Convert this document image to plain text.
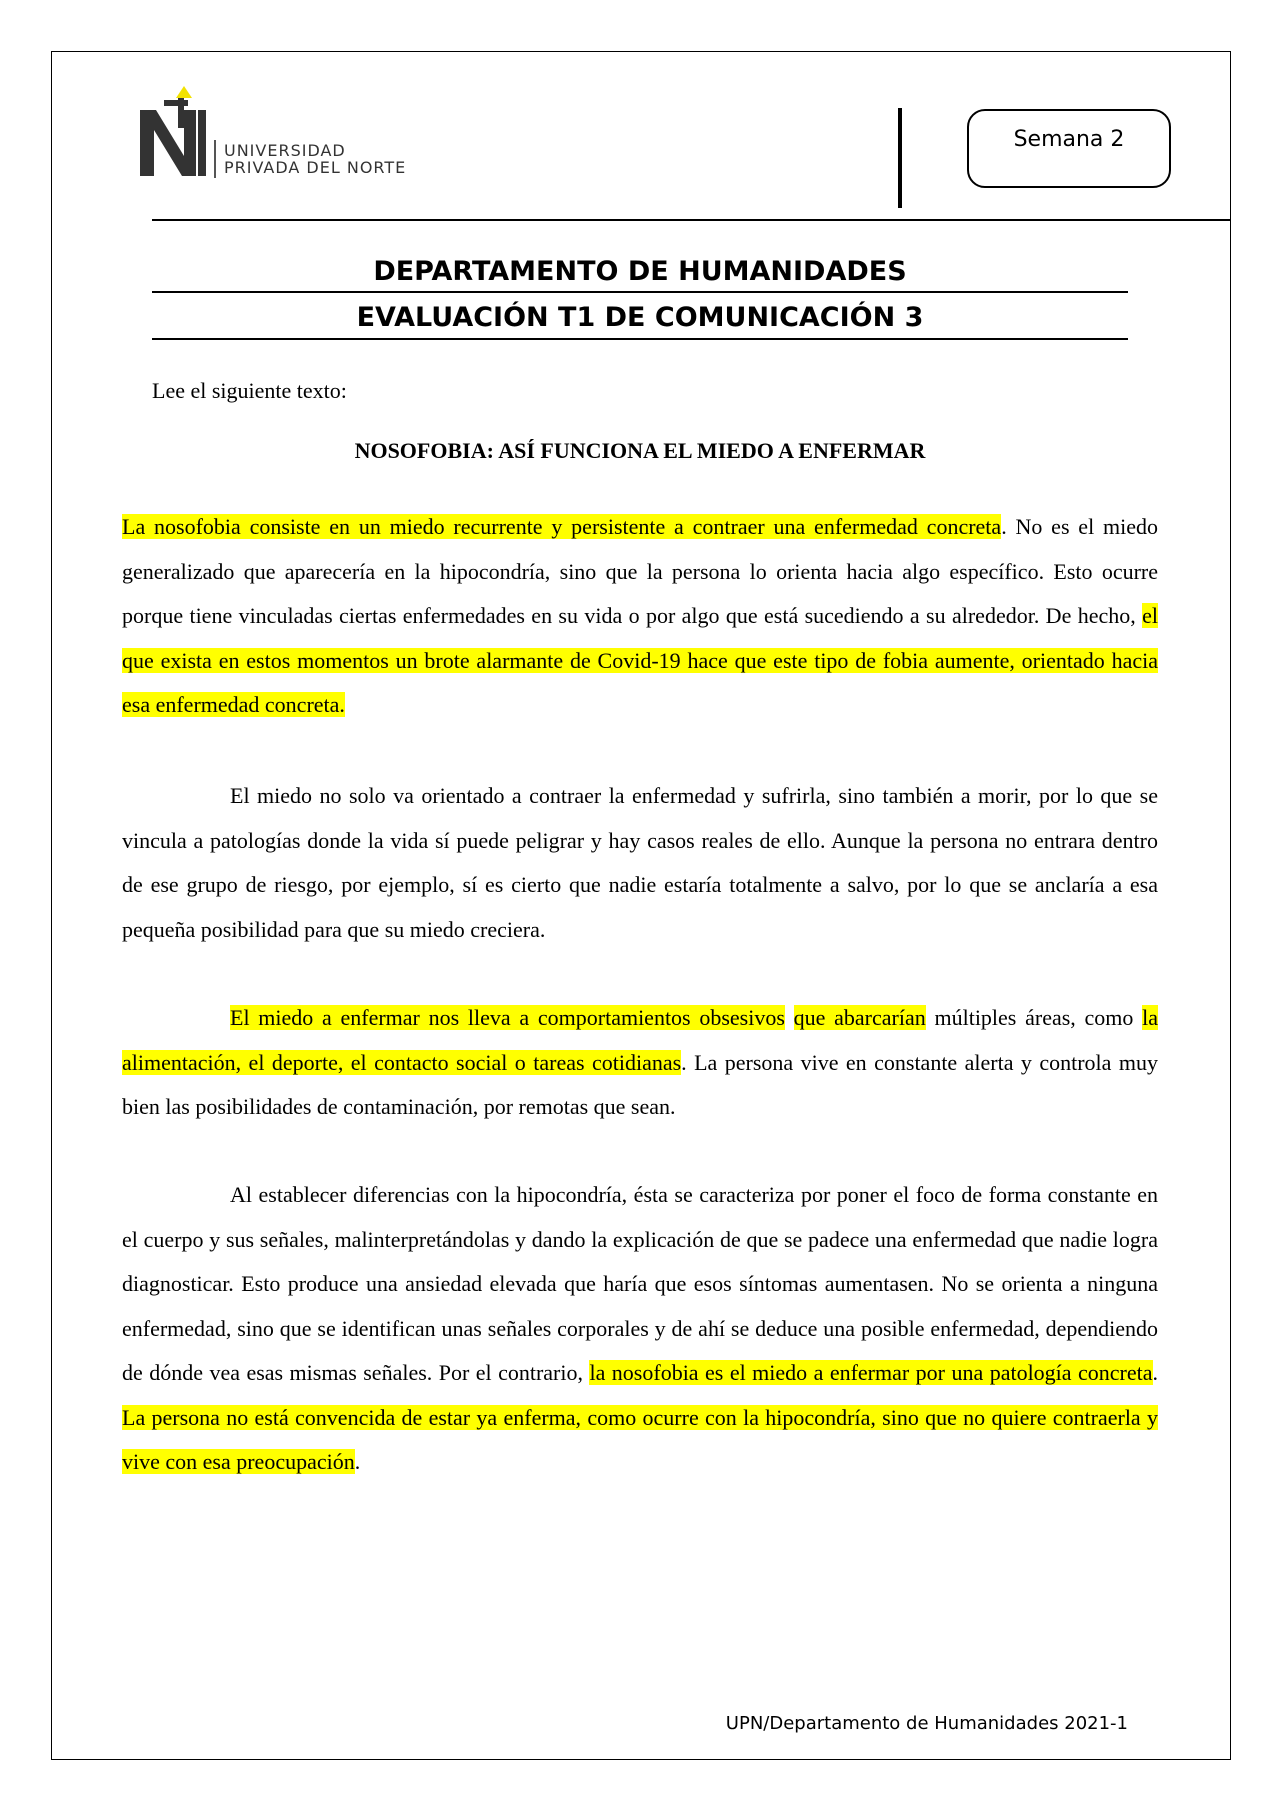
UNIVERSIDAD
PRIVADA DEL NORTE
Semana 2
DEPARTAMENTO DE HUMANIDADES
EVALUACIÓN T1 DE COMUNICACIÓN 3
Lee el siguiente texto:
NOSOFOBIA: ASÍ FUNCIONA EL MIEDO A ENFERMAR
La nosofobia consiste en un miedo recurrente y persistente a contraer una enfermedad concreta. No es el miedo generalizado que aparecería en la hipocondría, sino que la persona lo orienta hacia algo específico. Esto ocurre porque tiene vinculadas ciertas enfermedades en su vida o por algo que está sucediendo a su alrededor. De hecho, el que exista en estos momentos un brote alarmante de Covid-19 hace que este tipo de fobia aumente, orientado hacia esa enfermedad concreta.
El miedo no solo va orientado a contraer la enfermedad y sufrirla, sino también a morir, por lo que se vincula a patologías donde la vida sí puede peligrar y hay casos reales de ello. Aunque la persona no entrara dentro de ese grupo de riesgo, por ejemplo, sí es cierto que nadie estaría totalmente a salvo, por lo que se anclaría a esa pequeña posibilidad para que su miedo creciera.
El miedo a enfermar nos lleva a comportamientos obsesivos que abarcarían múltiples áreas, como la alimentación, el deporte, el contacto social o tareas cotidianas. La persona vive en constante alerta y controla muy bien las posibilidades de contaminación, por remotas que sean.
Al establecer diferencias con la hipocondría, ésta se caracteriza por poner el foco de forma constante en el cuerpo y sus señales, malinterpretándolas y dando la explicación de que se padece una enfermedad que nadie logra diagnosticar. Esto produce una ansiedad elevada que haría que esos síntomas aumentasen. No se orienta a ninguna enfermedad, sino que se identifican unas señales corporales y de ahí se deduce una posible enfermedad, dependiendo de dónde vea esas mismas señales. Por el contrario, la nosofobia es el miedo a enfermar por una patología concreta. La persona no está convencida de estar ya enferma, como ocurre con la hipocondría, sino que no quiere contraerla y vive con esa preocupación.
UPN/Departamento de Humanidades 2021-1
